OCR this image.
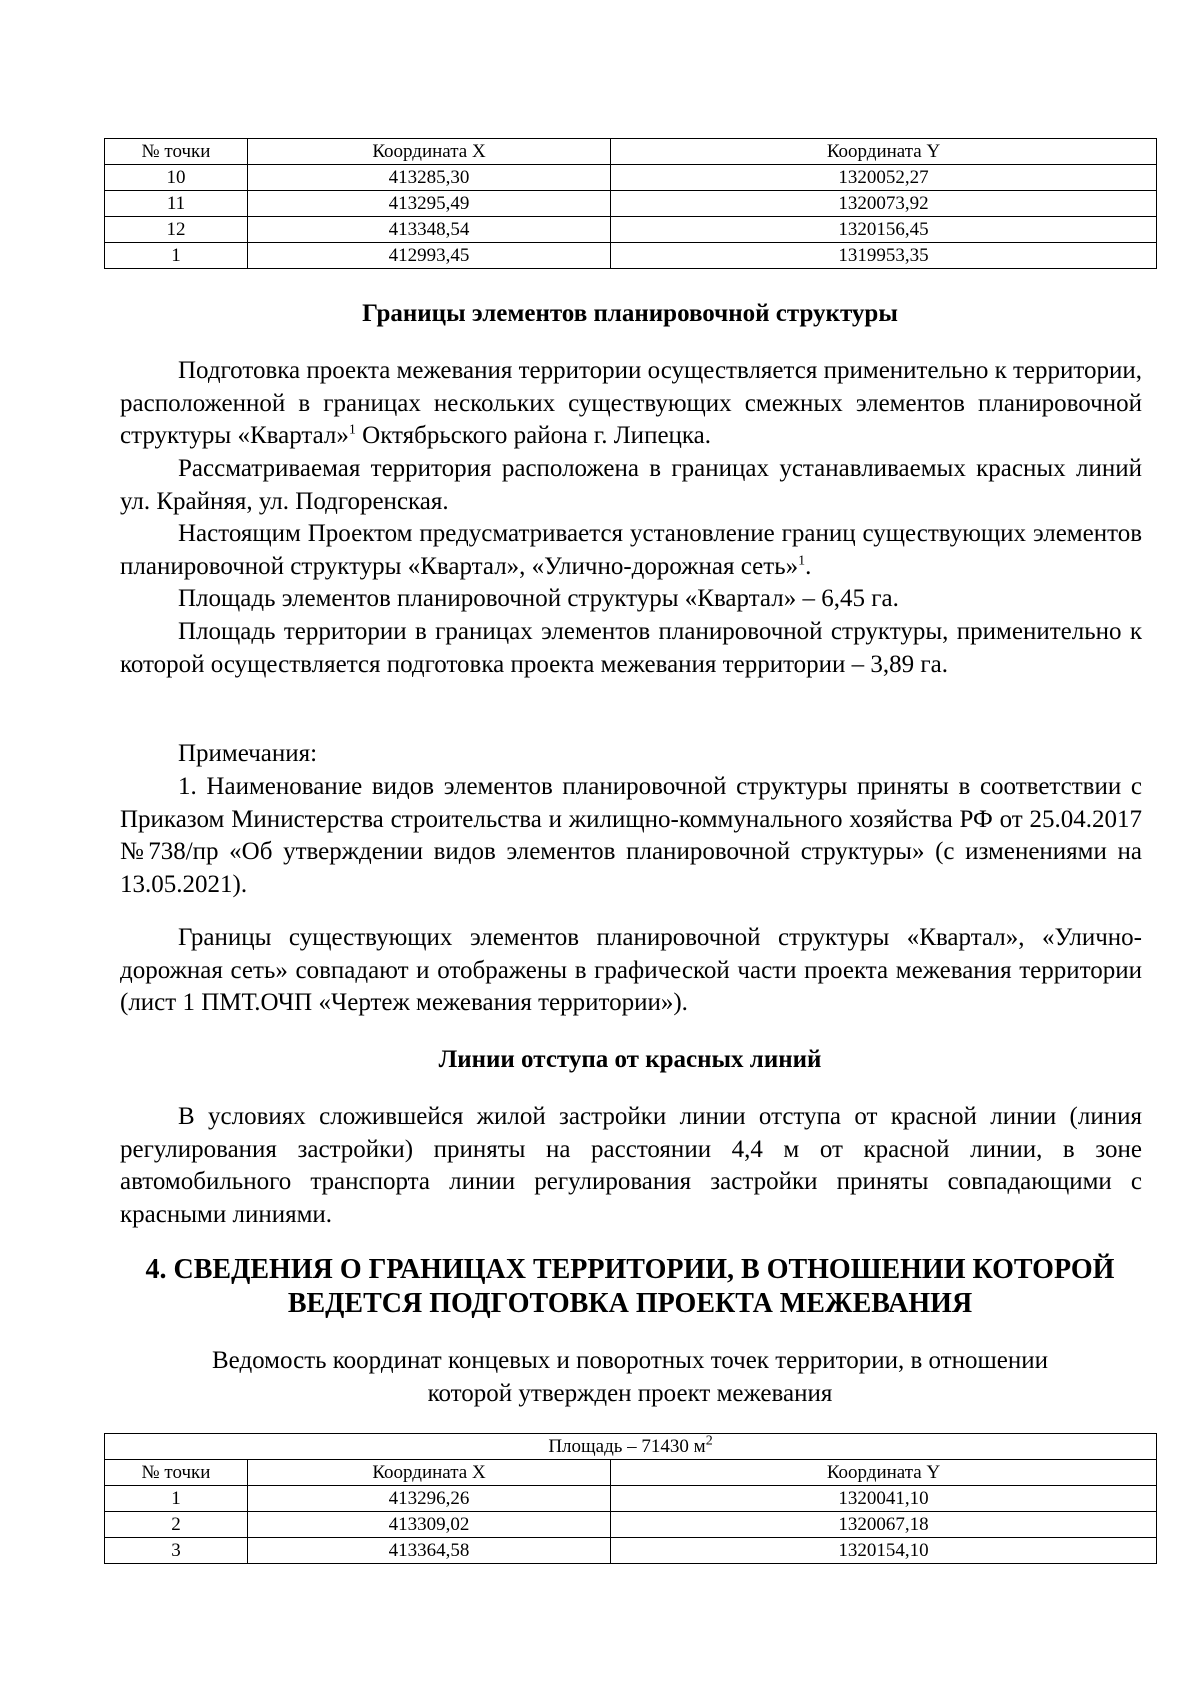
№ точки	Координата X	Координата Y
10	413285,30	1320052,27
11	413295,49	1320073,92
12	413348,54	1320156,45
1	412993,45	1319953,35
Границы элементов планировочной структуры

Подготовка проекта межевания территории осуществляется применительно к территории, расположенной в границах нескольких существующих смежных элементов планировочной структуры «Квартал»$^1$ Октябрьского района г. Липецка.

Рассматриваемая территория расположена в границах устанавливаемых красных линий ул. Крайняя, ул. Подгоренская.

Настоящим Проектом предусматривается установление границ существующих элементов планировочной структуры «Квартал», «Улично-дорожная сеть»$^1$.

Площадь элементов планировочной структуры «Квартал» – 6,45 га.

Площадь территории в границах элементов планировочной структуры, применительно к которой осуществляется подготовка проекта межевания территории – 3,89 га.

Примечания:

1. Наименование видов элементов планировочной структуры приняты в соответствии с Приказом Министерства строительства и жилищно-коммунального хозяйства РФ от 25.04.2017 №738/пр «Об утверждении видов элементов планировочной структуры» (с изменениями на 13.05.2021).

Границы существующих элементов планировочной структуры «Квартал», «Улично-дорожная сеть» совпадают и отображены в графической части проекта межевания территории (лист 1 ПМТ.ОЧП «Чертеж межевания территории»).

Линии отступа от красных линий

В условиях сложившейся жилой застройки линии отступа от красной линии (линия регулирования застройки) приняты на расстоянии 4,4 м от красной линии, в зоне автомобильного транспорта линии регулирования застройки приняты совпадающими с красными линиями.

4. СВЕДЕНИЯ О ГРАНИЦАХ ТЕРРИТОРИИ, В ОТНОШЕНИИ КОТОРОЙ
ВЕДЕТСЯ ПОДГОТОВКА ПРОЕКТА МЕЖЕВАНИЯ
Ведомость координат концевых и поворотных точек территории, в отношении
которой утвержден проект межевания
Площадь – 71430 $м^2$
№ точки	Координата X	Координата Y
1	413296,26	1320041,10
2	413309,02	1320067,18
3	413364,58	1320154,10
